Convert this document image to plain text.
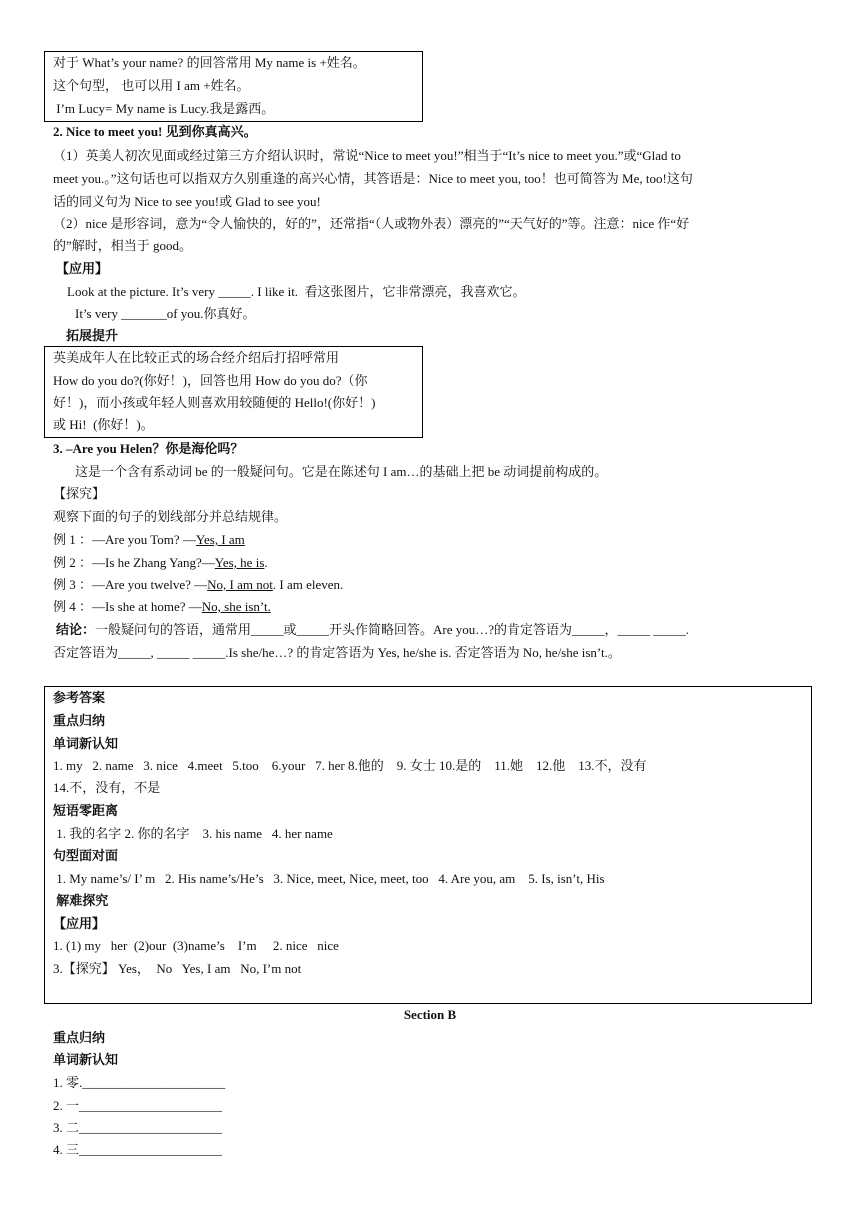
对于 What’s your name? 的回答常用 My name is +姓名。
这个句型， 也可以用 I am +姓名。
I’m Lucy= My name is Lucy.我是露西。
2. Nice to meet you! 见到你真高兴。
（1）英美人初次见面或经过第三方介绍认识时，常说“Nice to meet you!”相当于“It’s nice to meet you.”或“Glad to
meet you.。”这句话也可以指双方久别重逢的高兴心情，其答语是：Nice to meet you, too！也可简答为 Me, too!这句
话的同义句为 Nice to see you!或 Glad to see you!
（2）nice 是形容词，意为“令人愉快的，好的”，还常指“（人或物外表）漂亮的”“天气好的”等。注意：nice 作“好
的”解时，相当于 good。
【应用】
Look at the picture. It’s very _____. I like it.  看这张图片，它非常漂亮，我喜欢它。
It’s very _______of you.你真好。
拓展提升
英美成年人在比较正式的场合经介绍后打招呼常用
How do you do?(你好！)，回答也用 How do you do?（你
好！)，而小孩或年轻人则喜欢用较随便的 Hello!(你好！)
或 Hi!  (你好！)。
3. –Are you Helen？你是海伦吗？
这是一个含有系动词 be 的一般疑问句。它是在陈述句 I am…的基础上把 be 动词提前构成的。
【探究】
观察下面的句子的划线部分并总结规律。
例 1 ：—Are you Tom? —Yes, I am
例 2 ：—Is he Zhang Yang?—Yes, he is.
例 3 ：—Are you twelve? —No, I am not. I am eleven.
例 4 ：—Is she at home? —No, she isn’t.
结论：一般疑问句的答语，通常用_____或_____开头作简略回答。Are you…?的肯定答语为_____，_____ _____.
否定答语为_____, _____ _____.Is she/he…? 的肯定答语为 Yes, he/she is. 否定答语为 No, he/she isn’t.。
参考答案
重点归纳
单词新认知
1. my   2. name   3. nice   4.meet   5.too    6.your   7. her 8.他的    9. 女士 10.是的    11.她    12.他    13.不，没有
14.不，没有，不是
短语零距离
1. 我的名字 2. 你的名字    3. his name   4. her name
句型面对面
1. My name’s/ I’ m   2. His name’s/He’s   3. Nice, meet, Nice, meet, too   4. Are you, am    5. Is, isn’t, His
解难探究
【应用】
1. (1) my   her  (2)our  (3)name’s    I’m     2. nice   nice
3.【探究】 Yes，  No   Yes, I am   No, I’m not
Section B
重点归纳
单词新认知
1. 零.______________________
2. 一______________________
3. 二______________________
4. 三______________________
